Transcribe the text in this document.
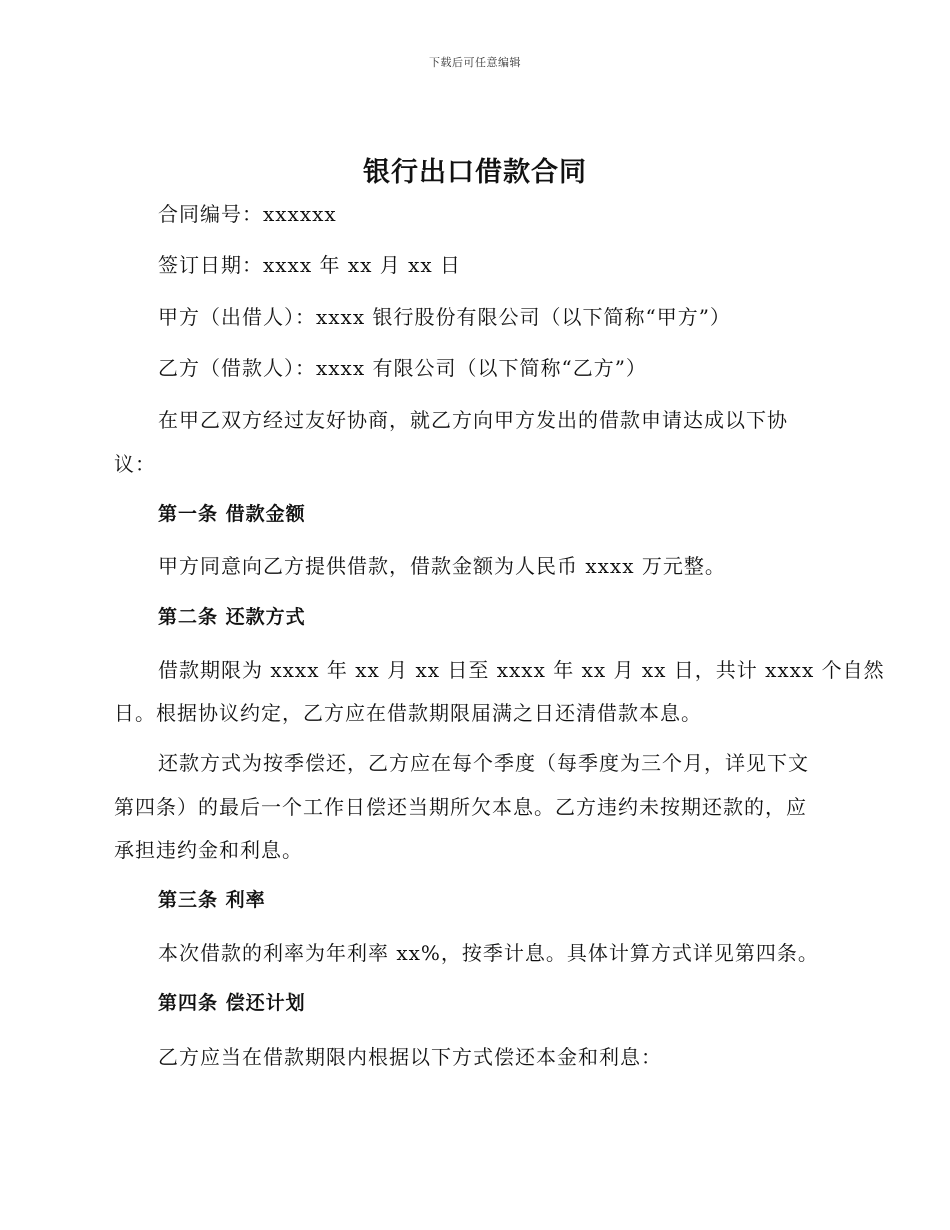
下载后可任意编辑
银行出口借款合同
合同编号：xxxxxx
签订日期：xxxx 年 xx 月 xx 日
甲方（出借人）：xxxx 银行股份有限公司（以下简称“甲方”）
乙方（借款人）：xxxx 有限公司（以下简称“乙方”）
在甲乙双方经过友好协商，就乙方向甲方发出的借款申请达成以下协
议：
第一条 借款金额
甲方同意向乙方提供借款，借款金额为人民币 xxxx 万元整。
第二条 还款方式
借款期限为 xxxx 年 xx 月 xx 日至 xxxx 年 xx 月 xx 日，共计 xxxx 个自然
日。根据协议约定，乙方应在借款期限届满之日还清借款本息。
还款方式为按季偿还，乙方应在每个季度（每季度为三个月，详见下文
第四条）的最后一个工作日偿还当期所欠本息。乙方违约未按期还款的，应
承担违约金和利息。
第三条 利率
本次借款的利率为年利率 xx%，按季计息。具体计算方式详见第四条。
第四条 偿还计划
乙方应当在借款期限内根据以下方式偿还本金和利息：
